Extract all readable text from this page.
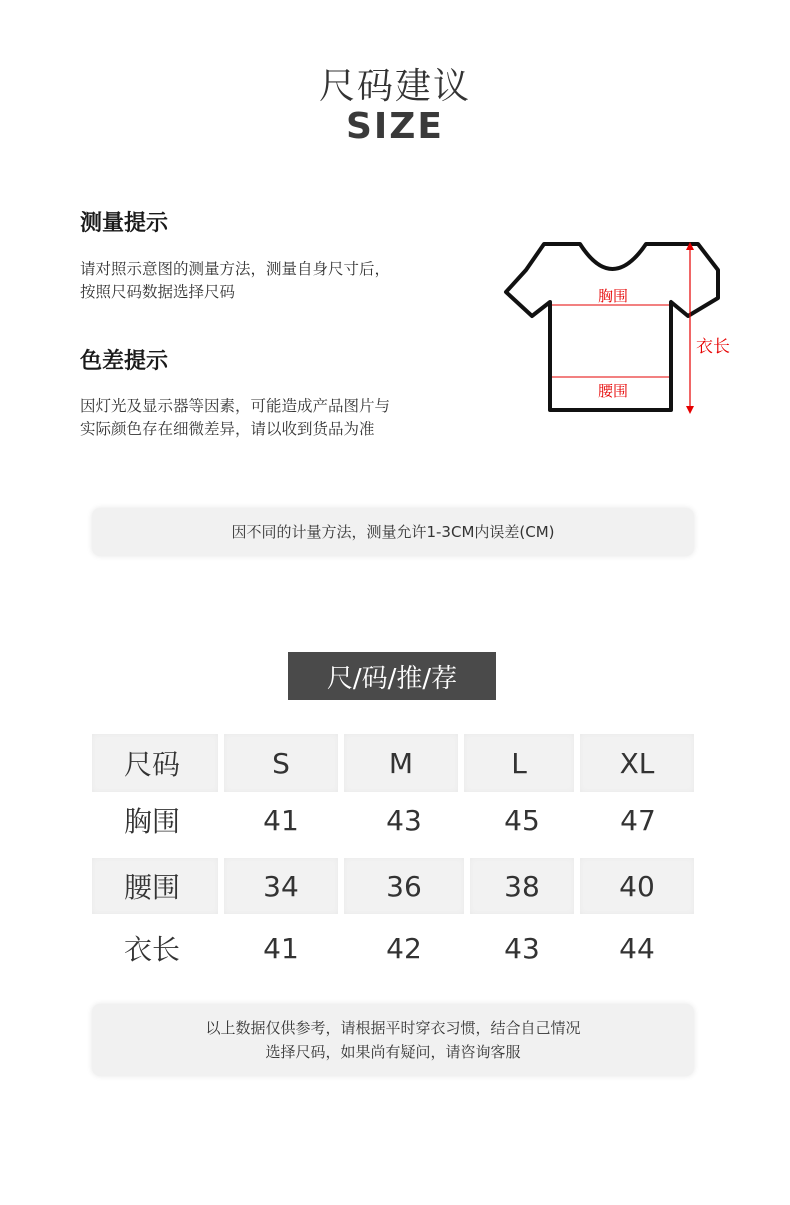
尺码建议
SIZE
测量提示
请对照示意图的测量方法，测量自身尺寸后，
按照尺码数据选择尺码
色差提示
因灯光及显示器等因素，可能造成产品图片与
实际颜色存在细微差异，请以收到货品为准
胸围
腰围
衣长
因不同的计量方法，测量允许1-3CM内误差(CM)
尺/码/推/荐
尺码	S	M	L	XL
胸围	41	43	45	47
腰围	34	36	38	40
衣长	41	42	43	44
以上数据仅供参考，请根据平时穿衣习惯，结合自己情况
选择尺码，如果尚有疑问，请咨询客服
